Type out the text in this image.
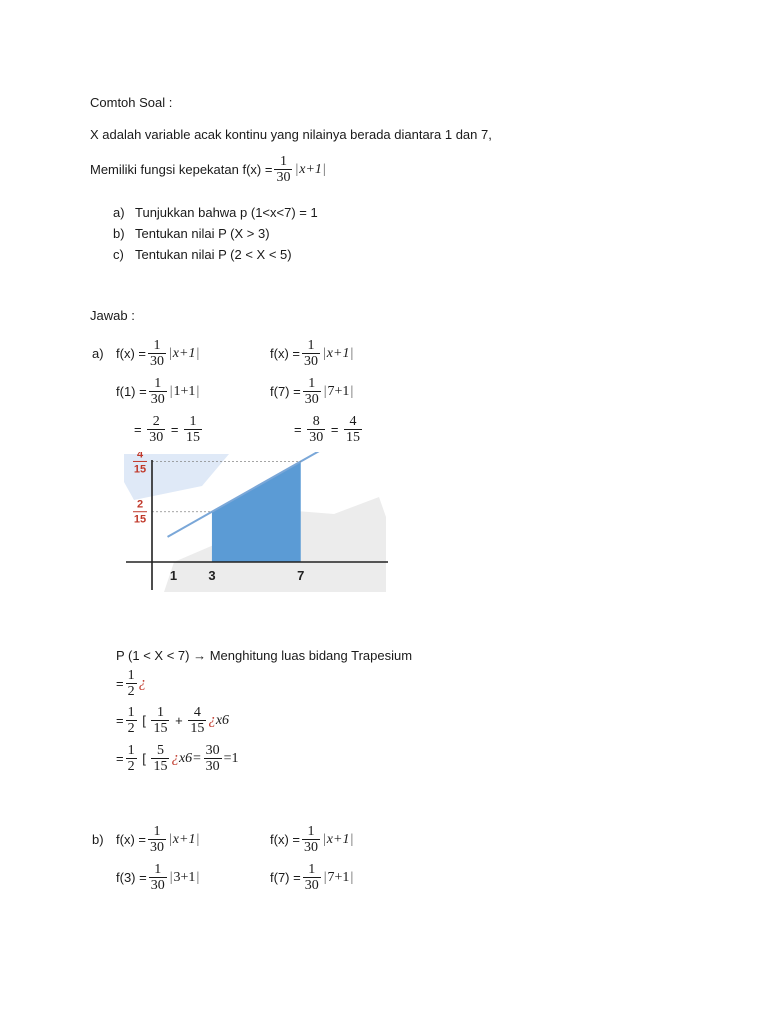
Comtoh Soal :
X adalah variable acak kontinu yang nilainya berada diantara 1 dan 7,
Memiliki fungsi kepekatan $f(x) = \frac{1}{30}$ | x+1 |
a) Tunjukkan bahwa p (1<x<7) = 1
b) Tentukan nilai P (X > 3)
c) Tentukan nilai P (2 < X < 5)
Jawab :
a) $f(x) = \frac{1}{30}$ | x+1 |	$f(x) = \frac{1}{30}$ | x+1 |
$f(1) = \frac{1}{30}$ | 1+1 |	$f(7) = \frac{1}{30}$ | 7+1 |
= $\frac{2}{30} = \frac{1}{15}$	= $\frac{8}{30} = \frac{4}{15}$
4
15
2
15
1 3	7
P (1 < X < 7) → Menghitung luas bidang Trapesium
= $\frac{1}{2}$ ¿
= $\frac{1}{2}$
[
$\frac{1}{15}$
+
$\frac{4}{15}$ ¿ x6
= $\frac{1}{2}$
[
$\frac{5}{15}$ ¿ $x6= \frac{30}{30} =1$
b) $f(x) = \frac{1}{30}$ | x+1 |	$f(x) = \frac{1}{30}$ | x+1 |
$f(3) = \frac{1}{30}$ | 3+1 |	$f(7) = \frac{1}{30}$ | 7+1 |
